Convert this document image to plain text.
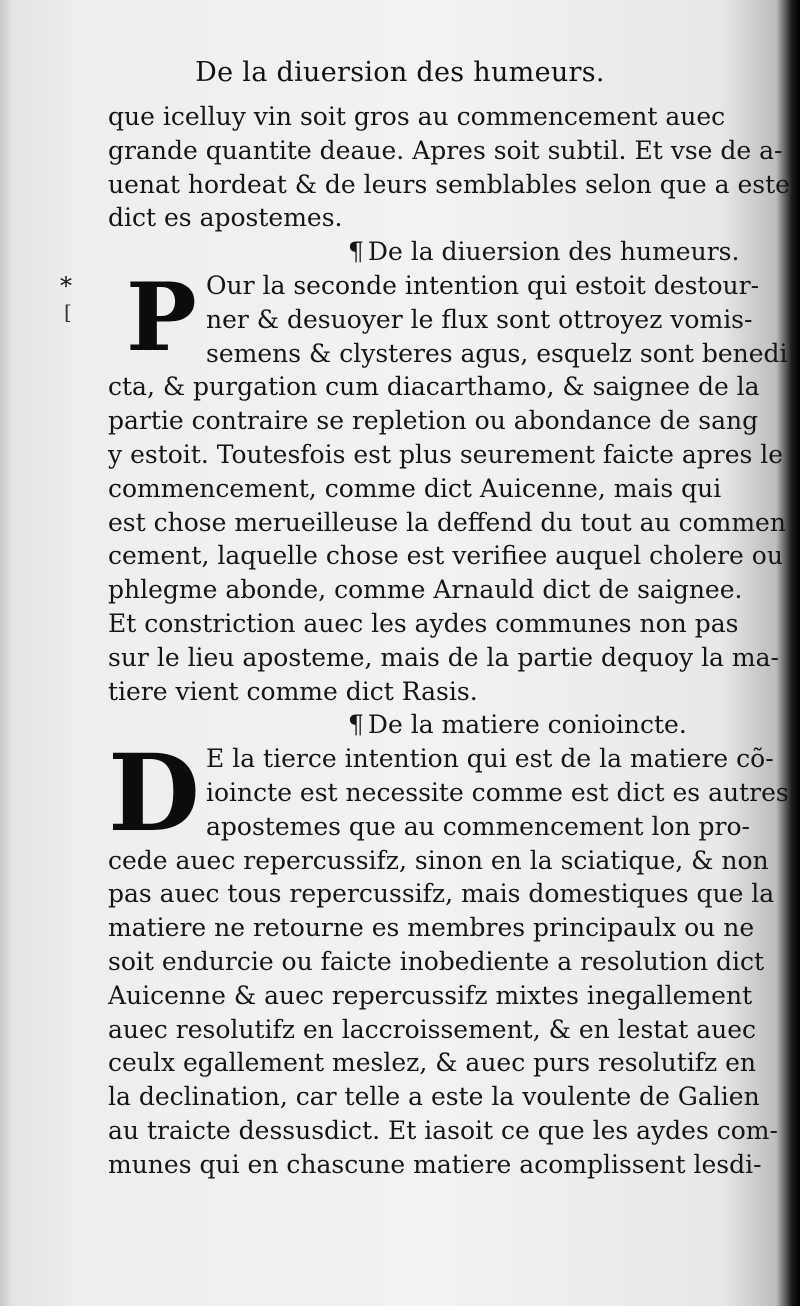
De la diuersion des humeurs.
*
[
que icelluy vin soit gros au commencement auec
grande quantite deaue. Apres soit subtil. Et vse de a-
uenat hordeat & de leurs semblables selon que a este
dict es apostemes.
¶ De la diuersion des humeurs.
P Our la seconde intention qui estoit destour-
ner & desuoyer le flux sont ottroyez vomis-
semens & clysteres agus, esquelz sont benedi
cta, & purgation cum diacarthamo, & saignee de la
partie contraire se repletion ou abondance de sang
y estoit. Toutesfois est plus seurement faicte apres le
commencement, comme dict Auicenne, mais qui
est chose merueilleuse la deffend du tout au commen
cement, laquelle chose est verifiee auquel cholere ou
phlegme abonde, comme Arnauld dict de saignee.
Et constriction auec les aydes communes non pas
sur le lieu aposteme, mais de la partie dequoy la ma-
tiere vient comme dict Rasis.
¶ De la matiere conioincte.
D E la tierce intention qui est de la matiere cõ-
ioincte est necessite comme est dict es autres
apostemes que au commencement lon pro-
cede auec repercussifz, sinon en la sciatique, & non
pas auec tous repercussifz, mais domestiques que la
matiere ne retourne es membres principaulx ou ne
soit endurcie ou faicte inobediente a resolution dict
Auicenne & auec repercussifz mixtes inegallement
auec resolutifz en laccroissement, & en lestat auec
ceulx egallement meslez, & auec purs resolutifz en
la declination, car telle a este la voulente de Galien
au traicte dessusdict. Et iasoit ce que les aydes com-
munes qui en chascune matiere acomplissent lesdi-
